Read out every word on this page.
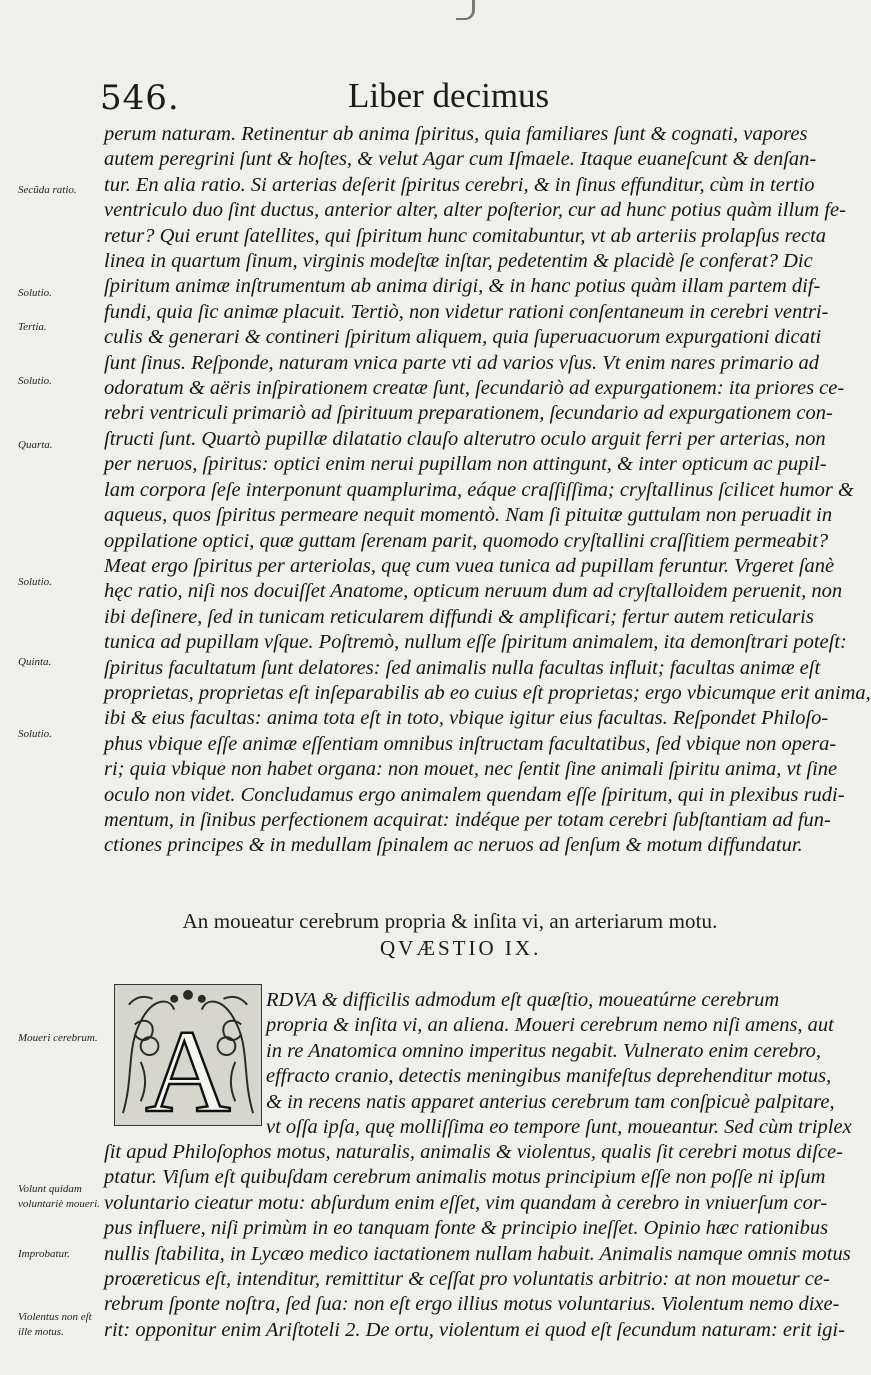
546.	Liber decimus
Secũda ratio.
Solutio.
Tertia.
Solutio.
Quarta.
Solutio.
Quinta.
Solutio.
perum naturam. Retinentur ab anima ſpiritus, quia familiares ſunt & cognati, vapores
autem peregrini ſunt & hoſtes, & velut Agar cum Iſmaele. Itaque euaneſcunt & denſan-
tur. En alia ratio. Si arterias deſerit ſpiritus cerebri, & in ſinus effunditur, cùm in tertio
ventriculo duo ſint ductus, anterior alter, alter poſterior, cur ad hunc potius quàm illum fe-
retur? Qui erunt ſatellites, qui ſpiritum hunc comitabuntur, vt ab arteriis prolapſus recta
linea in quartum ſinum, virginis modeſtæ inſtar, pedetentim & placidè ſe conferat? Dic
ſpiritum animæ inſtrumentum ab anima dirigi, & in hanc potius quàm illam partem dif-
fundi, quia ſic animæ placuit. Tertiò, non videtur rationi conſentaneum in cerebri ventri-
culis & generari & contineri ſpiritum aliquem, quia ſuperuacuorum expurgationi dicati
ſunt ſinus. Reſponde, naturam vnica parte vti ad varios vſus. Vt enim nares primario ad
odoratum & aëris inſpirationem creatæ ſunt, ſecundariò ad expurgationem: ita priores ce-
rebri ventriculi primariò ad ſpirituum preparationem, ſecundario ad expurgationem con-
ſtructi ſunt. Quartò pupillæ dilatatio clauſo alterutro oculo arguit ferri per arterias, non
per neruos, ſpiritus: optici enim nerui pupillam non attingunt, & inter opticum ac pupil-
lam corpora ſeſe interponunt quamplurima, eáque craſſiſſima; cryſtallinus ſcilicet humor &
aqueus, quos ſpiritus permeare nequit momentò. Nam ſi pituitæ guttulam non peruadit in
oppilatione optici, quæ guttam ſerenam parit, quomodo cryſtallini craſſitiem permeabit?
Meat ergo ſpiritus per arteriolas, quę cum vuea tunica ad pupillam feruntur. Vrgeret ſanè
hęc ratio, niſi nos docuiſſet Anatome, opticum neruum dum ad cryſtalloidem peruenit, non
ibi deſinere, ſed in tunicam reticularem diffundi & amplificari; fertur autem reticularis
tunica ad pupillam vſque. Poſtremò, nullum eſſe ſpiritum animalem, ita demonſtrari poteſt:
ſpiritus facultatum ſunt delatores: ſed animalis nulla facultas influit; facultas animæ eſt
proprietas, proprietas eſt inſeparabilis ab eo cuius eſt proprietas; ergo vbicumque erit anima,
ibi & eius facultas: anima tota eſt in toto, vbique igitur eius facultas. Reſpondet Philoſo-
phus vbique eſſe animæ eſſentiam omnibus inſtructam facultatibus, ſed vbique non opera-
ri; quia vbique non habet organa: non mouet, nec ſentit ſine animali ſpiritu anima, vt ſine
oculo non videt. Concludamus ergo animalem quendam eſſe ſpiritum, qui in plexibus rudi-
mentum, in ſinibus perfectionem acquirat: indéque per totam cerebri ſubſtantiam ad fun-
ctiones principes & in medullam ſpinalem ac neruos ad ſenſum & motum diffundatur.
An moueatur cerebrum propria & inſita vi, an arteriarum motu.
QVÆSTIO IX.
A
RDVA & difficilis admodum eſt quæſtio, moueatúrne cerebrum
propria & inſita vi, an aliena. Moueri cerebrum nemo niſi amens, aut
in re Anatomica omnino imperitus negabit. Vulnerato enim cerebro,
effracto cranio, detectis meningibus manifeſtus deprehenditur motus,
& in recens natis apparet anterius cerebrum tam conſpicuè palpitare,
vt oſſa ipſa, quę molliſſima eo tempore ſunt, moueantur. Sed cùm triplex
ſit apud Philoſophos motus, naturalis, animalis & violentus, qualis ſit cerebri motus diſce-
ptatur. Viſum eſt quibuſdam cerebrum animalis motus principium eſſe non poſſe ni ipſum
voluntario cieatur motu: abſurdum enim eſſet, vim quandam à cerebro in vniuerſum cor-
pus influere, niſi primùm in eo tanquam fonte & principio ineſſet. Opinio hæc rationibus
nullis ſtabilita, in Lycæo medico iactationem nullam habuit. Animalis namque omnis motus
proæreticus eſt, intenditur, remittitur & ceſſat pro voluntatis arbitrio: at non mouetur ce-
rebrum ſponte noſtra, ſed ſua: non eſt ergo illius motus voluntarius. Violentum nemo dixe-
rit: opponitur enim Ariſtoteli 2. De ortu, violentum ei quod eſt ſecundum naturam: erit igi-
Moueri cerebrum.
Volunt quidam voluntariè moueri.
Improbatur.
Violentus non eſt ille motus.
